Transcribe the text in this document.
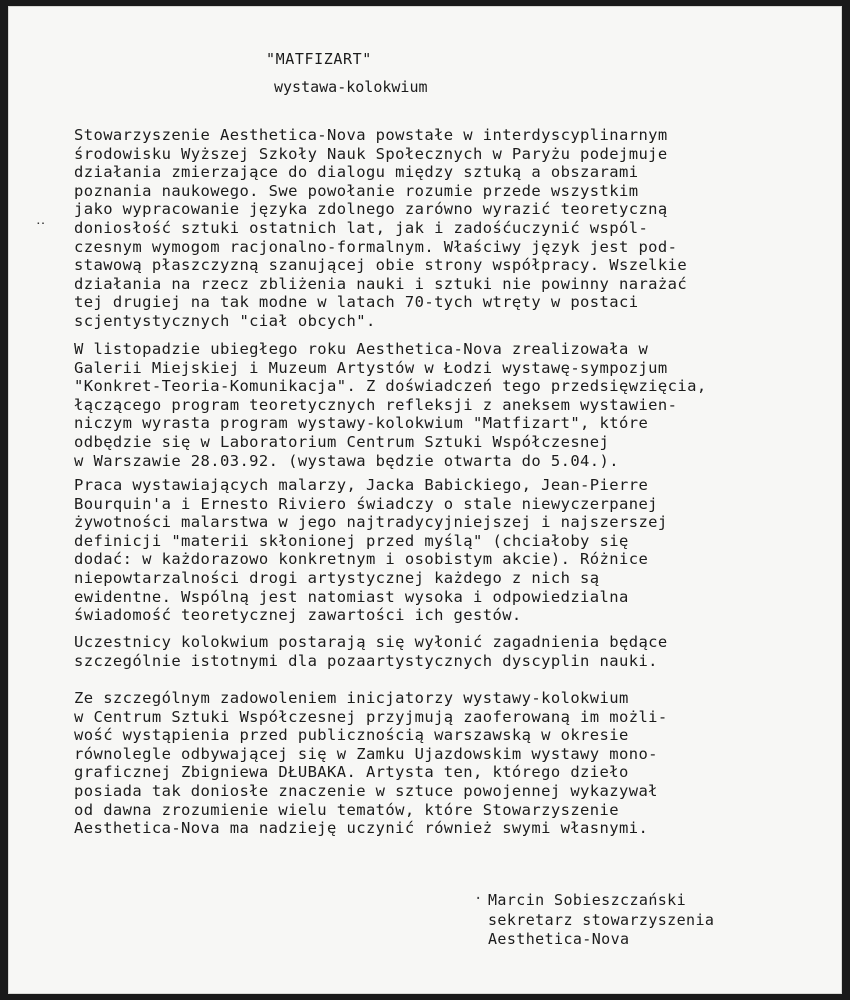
"MATFIZART"
wystawa-kolokwium
‥
Stowarzyszenie Aesthetica-Nova powstałe w interdyscyplinarnym
środowisku Wyższej Szkoły Nauk Społecznych w Paryżu podejmuje
działania zmierzające do dialogu między sztuką a obszarami
poznania naukowego. Swe powołanie rozumie przede wszystkim
jako wypracowanie języka zdolnego zarówno wyrazić teoretyczną
doniosłość sztuki ostatnich lat, jak i zadośćuczynić wspól-
czesnym wymogom racjonalno-formalnym. Właściwy język jest pod-
stawową płaszczyzną szanującej obie strony współpracy. Wszelkie
działania na rzecz zbliżenia nauki i sztuki nie powinny narażać
tej drugiej na tak modne w latach 70-tych wtręty w postaci
scjentystycznych "ciał obcych".
W listopadzie ubiegłego roku Aesthetica-Nova zrealizowała w
Galerii Miejskiej i Muzeum Artystów w Łodzi wystawę-sympozjum
"Konkret-Teoria-Komunikacja". Z doświadczeń tego przedsięwzięcia,
łączącego program teoretycznych refleksji z aneksem wystawien-
niczym wyrasta program wystawy-kolokwium "Matfizart", które
odbędzie się w Laboratorium Centrum Sztuki Współczesnej
w Warszawie 28.03.92. (wystawa będzie otwarta do 5.04.).
Praca wystawiających malarzy, Jacka Babickiego, Jean-Pierre
Bourquin'a i Ernesto Riviero świadczy o stale niewyczerpanej
żywotności malarstwa w jego najtradycyjniejszej i najszerszej
definicji "materii skłonionej przed myślą" (chciałoby się
dodać: w każdorazowo konkretnym i osobistym akcie). Różnice
niepowtarzalności drogi artystycznej każdego z nich są
ewidentne. Wspólną jest natomiast wysoka i odpowiedzialna
świadomość teoretycznej zawartości ich gestów.
Uczestnicy kolokwium postarają się wyłonić zagadnienia będące
szczególnie istotnymi dla pozaartystycznych dyscyplin nauki.
Ze szczególnym zadowoleniem inicjatorzy wystawy-kolokwium
w Centrum Sztuki Współczesnej przyjmują zaoferowaną im możli-
wość wystąpienia przed publicznością warszawską w okresie
równolegle odbywającej się w Zamku Ujazdowskim wystawy mono-
graficznej Zbigniewa DŁUBAKA. Artysta ten, którego dzieło
posiada tak doniosłe znaczenie w sztuce powojennej wykazywał
od dawna zrozumienie wielu tematów, które Stowarzyszenie
Aesthetica-Nova ma nadzieję uczynić również swymi własnymi.
· Marcin Sobieszczański
sekretarz stowarzyszenia
Aesthetica-Nova
